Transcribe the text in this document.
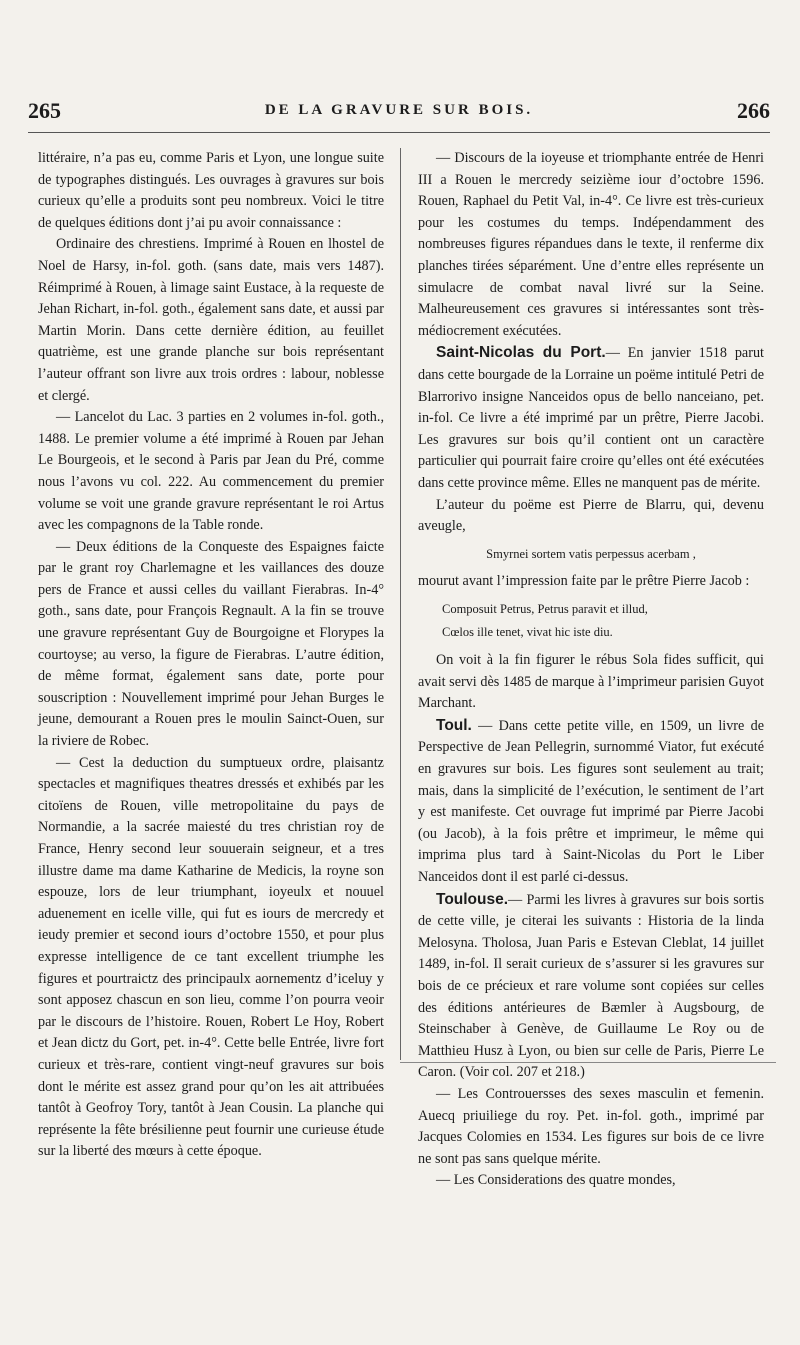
265	DE LA GRAVURE SUR BOIS.	266

littéraire, n’a pas eu, comme Paris et Lyon, une longue suite de typographes distingués. Les ouvrages à gravures sur bois curieux qu’elle a produits sont peu nombreux. Voici le titre de quelques éditions dont j’ai pu avoir connaissance :

Ordinaire des chrestiens. Imprimé à Rouen en lhostel de Noel de Harsy, in-fol. goth. (sans date, mais vers 1487). Réimprimé à Rouen, à limage saint Eustace, à la requeste de Jehan Richart, in-fol. goth., également sans date, et aussi par Martin Morin. Dans cette dernière édition, au feuillet quatrième, est une grande planche sur bois représentant l’auteur offrant son livre aux trois ordres : labour, noblesse et clergé.

— Lancelot du Lac. 3 parties en 2 volumes in-fol. goth., 1488. Le premier volume a été imprimé à Rouen par Jehan Le Bourgeois, et le second à Paris par Jean du Pré, comme nous l’avons vu col. 222. Au commencement du premier volume se voit une grande gravure représentant le roi Artus avec les compagnons de la Table ronde.

— Deux éditions de la Conqueste des Espaignes faicte par le grant roy Charlemagne et les vaillances des douze pers de France et aussi celles du vaillant Fierabras. In-4° goth., sans date, pour François Regnault. A la fin se trouve une gravure représentant Guy de Bourgoigne et Florypes la courtoyse; au verso, la figure de Fierabras. L’autre édition, de même format, également sans date, porte pour souscription : Nouvellement imprimé pour Jehan Burges le jeune, demourant a Rouen pres le moulin Sainct-Ouen, sur la riviere de Robec.

— Cest la deduction du sumptueux ordre, plaisantz spectacles et magnifiques theatres dressés et exhibés par les citoïens de Rouen, ville metropolitaine du pays de Normandie, a la sacrée maiesté du tres christian roy de France, Henry second leur souuerain seigneur, et a tres illustre dame ma dame Katharine de Medicis, la royne son espouze, lors de leur triumphant, ioyeulx et nouuel aduenement en icelle ville, qui fut es iours de mercredy et ieudy premier et second iours d’octobre 1550, et pour plus expresse intelligence de ce tant excellent triumphe les figures et pourtraictz des principaulx aornementz d’iceluy y sont apposez chascun en son lieu, comme l’on pourra veoir par le discours de l’histoire. Rouen, Robert Le Hoy, Robert et Jean dictz du Gort, pet. in-4°. Cette belle Entrée, livre fort curieux et très-rare, contient vingt-neuf gravures sur bois dont le mérite est assez grand pour qu’on les ait attribuées tantôt à Geofroy Tory, tantôt à Jean Cousin. La planche qui représente la fête brésilienne peut fournir une curieuse étude sur la liberté des mœurs à cette époque.

— Discours de la ioyeuse et triomphante entrée de Henri III a Rouen le mercredy seizième iour d’octobre 1596. Rouen, Raphael du Petit Val, in-4°. Ce livre est très-curieux pour les costumes du temps. Indépendamment des nombreuses figures répandues dans le texte, il renferme dix planches tirées séparément. Une d’entre elles représente un simulacre de combat naval livré sur la Seine. Malheureusement ces gravures si intéressantes sont très-médiocrement exécutées.

Saint-Nicolas du Port.— En janvier 1518 parut dans cette bourgade de la Lorraine un poëme intitulé Petri de Blarrorivo insigne Nanceidos opus de bello nanceiano, pet. in-fol. Ce livre a été imprimé par un prêtre, Pierre Jacobi. Les gravures sur bois qu’il contient ont un caractère particulier qui pourrait faire croire qu’elles ont été exécutées dans cette province même. Elles ne manquent pas de mérite.

L’auteur du poëme est Pierre de Blarru, qui, devenu aveugle,

Smyrnei sortem vatis perpessus acerbam ,

mourut avant l’impression faite par le prêtre Pierre Jacob :

Composuit Petrus, Petrus paravit et illud,
Cœlos ille tenet, vivat hic iste diu.

On voit à la fin figurer le rébus Sola fides sufficit, qui avait servi dès 1485 de marque à l’imprimeur parisien Guyot Marchant.

Toul. — Dans cette petite ville, en 1509, un livre de Perspective de Jean Pellegrin, surnommé Viator, fut exécuté en gravures sur bois. Les figures sont seulement au trait; mais, dans la simplicité de l’exécution, le sentiment de l’art y est manifeste. Cet ouvrage fut imprimé par Pierre Jacobi (ou Jacob), à la fois prêtre et imprimeur, le même qui imprima plus tard à Saint-Nicolas du Port le Liber Nanceidos dont il est parlé ci-dessus.

Toulouse.— Parmi les livres à gravures sur bois sortis de cette ville, je citerai les suivants : Historia de la linda Melosyna. Tholosa, Juan Paris e Estevan Cleblat, 14 juillet 1489, in-fol. Il serait curieux de s’assurer si les gravures sur bois de ce précieux et rare volume sont copiées sur celles des éditions antérieures de Bæmler à Augsbourg, de Steinschaber à Genève, de Guillaume Le Roy ou de Matthieu Husz à Lyon, ou bien sur celle de Paris, Pierre Le Caron. (Voir col. 207 et 218.)

— Les Controuersses des sexes masculin et femenin. Auecq priuiliege du roy. Pet. in-fol. goth., imprimé par Jacques Colomies en 1534. Les figures sur bois de ce livre ne sont pas sans quelque mérite.

— Les Considerations des quatre mondes,
